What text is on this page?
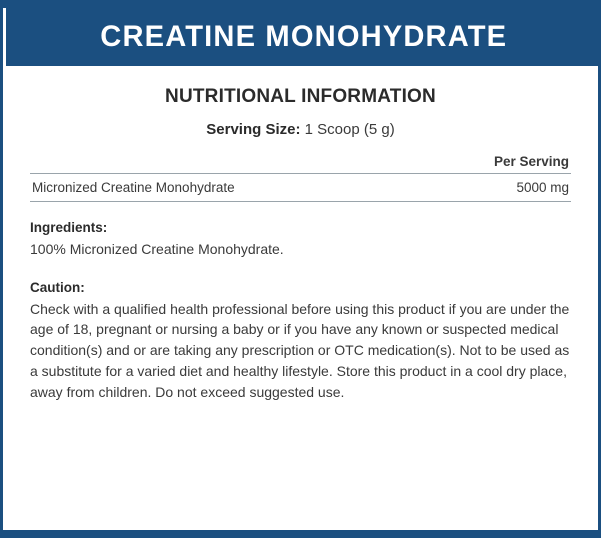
CREATINE MONOHYDRATE
NUTRITIONAL INFORMATION
Serving Size: 1 Scoop (5 g)
Per Serving
Micronized Creatine Monohydrate	5000 mg
Ingredients:
100% Micronized Creatine Monohydrate.
Caution:
Check with a qualified health professional before using this product if you are under the age of 18, pregnant or nursing a baby or if you have any known or suspected medical condition(s) and or are taking any prescription or OTC medication(s). Not to be used as a substitute for a varied diet and healthy lifestyle. Store this product in a cool dry place, away from children. Do not exceed suggested use.
